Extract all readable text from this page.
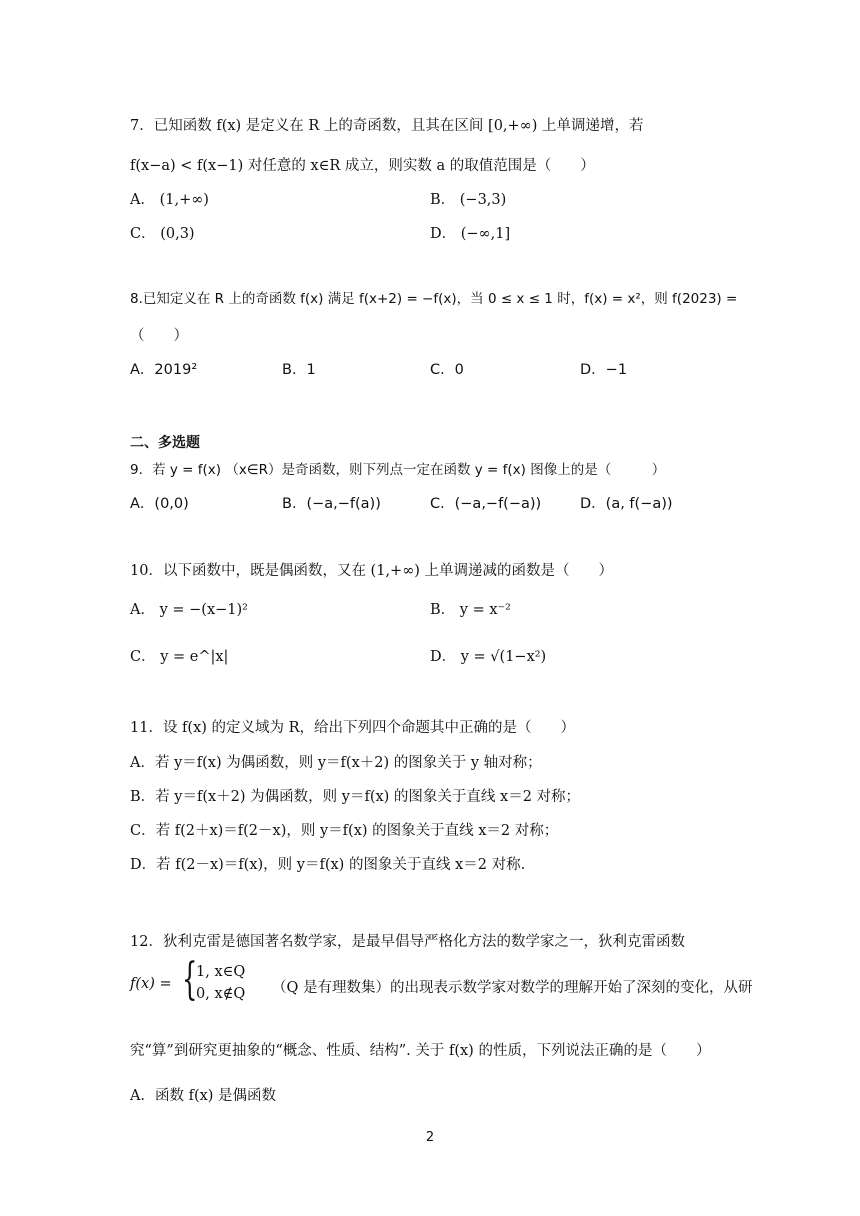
7．已知函数 f(x) 是定义在 R 上的奇函数，且其在区间 [0,+∞) 上单调递增，若
f(x−a) < f(x−1) 对任意的 x∈R 成立，则实数 a 的取值范围是（　　）
A． (1,+∞)	B． (−3,3)
C． (0,3)	D． (−∞,1]
8.已知定义在 R 上的奇函数 f(x) 满足 f(x+2) = −f(x)，当 0 ≤ x ≤ 1 时，f(x) = x²，则 f(2023) =
（　　）
A．2019²	B．1	C．0	D．−1
二、多选题
9．若 y = f(x) （x∈R）是奇函数，则下列点一定在函数 y = f(x) 图像上的是（　　　）
A．(0,0)	B．(−a,−f(a))	C．(−a,−f(−a))	D．(a, f(−a))
10．以下函数中，既是偶函数，又在 (1,+∞) 上单调递减的函数是（　　）
A． y = −(x−1)²	B． y = x⁻²
C． y = e^|x|	D． y = √(1−x²)
11．设 f(x) 的定义域为 R，给出下列四个命题其中正确的是（　　）
A．若 y＝f(x) 为偶函数，则 y＝f(x＋2) 的图象关于 y 轴对称；
B．若 y＝f(x＋2) 为偶函数，则 y＝f(x) 的图象关于直线 x＝2 对称；
C．若 f(2＋x)＝f(2－x)，则 y＝f(x) 的图象关于直线 x＝2 对称；
D．若 f(2－x)＝f(x)，则 y＝f(x) 的图象关于直线 x＝2 对称.
12．狄利克雷是德国著名数学家，是最早倡导严格化方法的数学家之一，狄利克雷函数
f(x) = {
1, x∈Q
0, x∉Q （Q 是有理数集）的出现表示数学家对数学的理解开始了深刻的变化，从研
究“算”到研究更抽象的“概念、性质、结构”. 关于 f(x) 的性质，下列说法正确的是（　　）
A．函数 f(x) 是偶函数
2
